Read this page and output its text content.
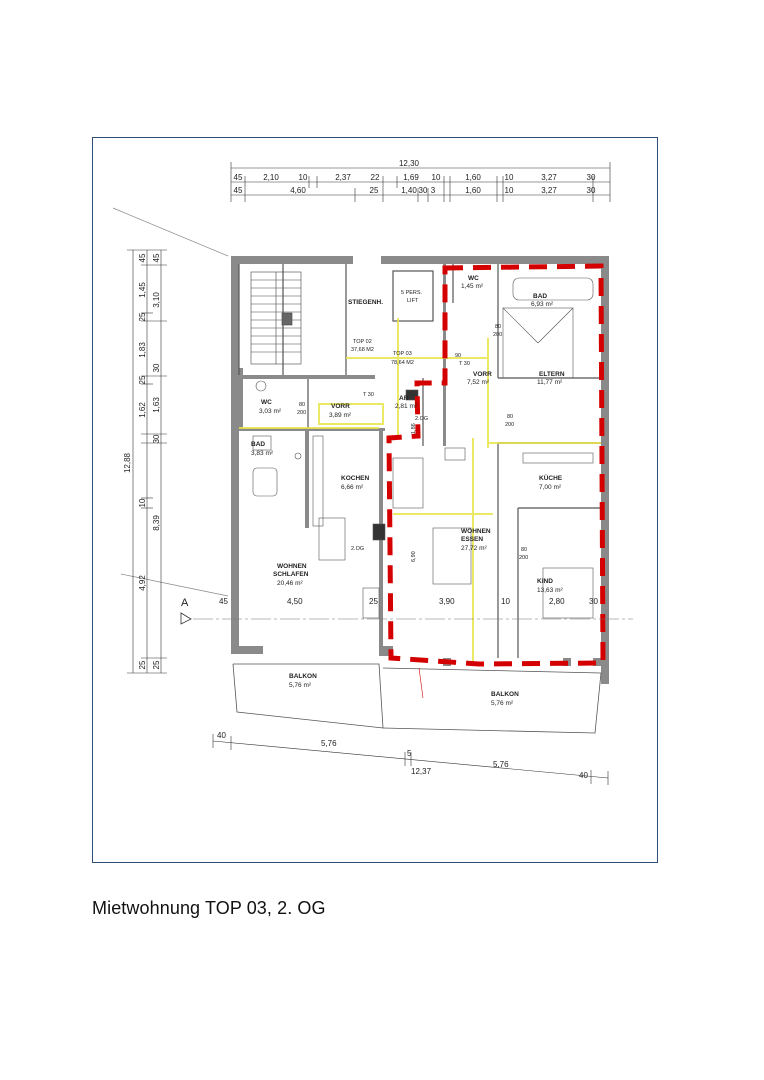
12,30
45	2,10 10	2,37 22	1,69 10	1,60	10	3,27	30
45	4,60	25	1,40 30 3	1,60	10	3,27	30
12,88
45
1,45
25
1,83
25
1,62
10
4,92
25
45
3,10
30
1,63
30
8,39
25
40
5,76
5
12,37
5,76
40
A
STIEGENH.
5 PERS.
LIFT
TOP 02
37,68 M2
TOP 03
78,64 M2
WC
1,45 m²
BAD
6,93 m²
ELTERN
11,77 m²
VORR
7,52 m²
AR
2,81 m²
WC
3,03 m²
VORR
3,89 m²
BAD
3,83 m²
KOCHEN
6,66 m²
KÜCHE
7,00 m²
WOHNEN
ESSEN
27,72 m²
WOHNEN
SCHLAFEN
20,46 m²	KIND
13,63 m²
BALKON
5,76 m²
BALKON
5,76 m²
2.OG
2.OG
80
200
80
200
80
200
80
200
T 30
T 30
90
6,90
1,86
4,50	25	3,90	10	2,80	30
45
Mietwohnung TOP 03, 2. OG
